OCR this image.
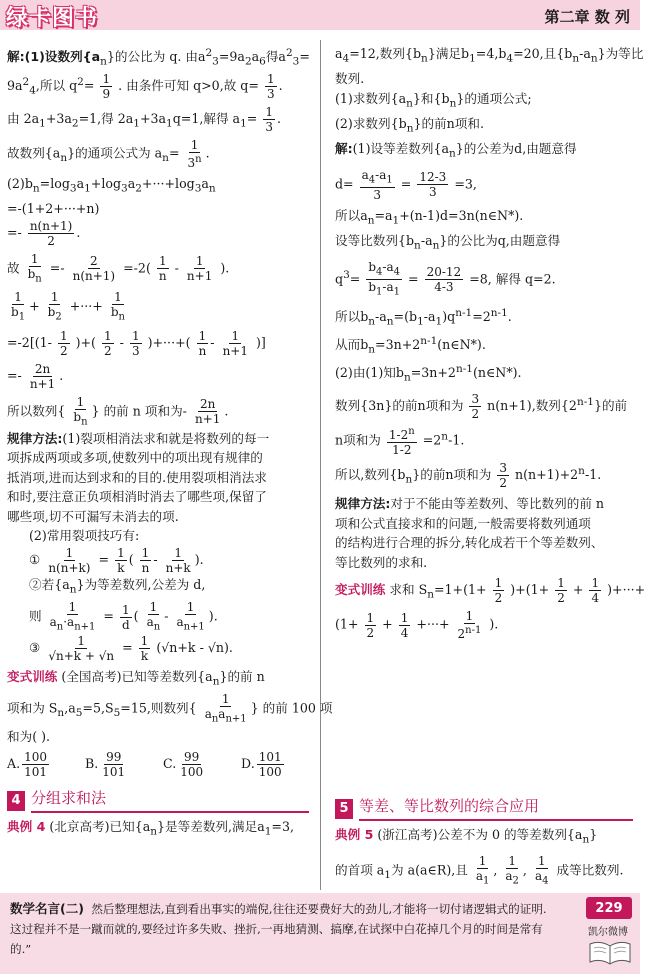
绿卡图书	第二章 数 列
解:(1)设数列$\{a_n\}$的公比为 q. 由$a^2_3=9a_2a_6$得$a^2_3=$
$9a^2_4$,所以 $q^2= \frac{1}{9}$ . 由条件可知 q>0,故 $q= \frac{1}{3}$ .
由 $2a_1+3a_2=1$,得 $2a_1+3a_1q=1$,解得 $a_1= \frac{1}{3}$ .
故数列$\{a_n\}$的通项公式为 $a_n= \frac{1}{3^n}$ .
$(2)b_n=\log_3a_1+\log_3a_2+\cdot\cdot\cdot+\log_3a_n$
=-(1+2+···+n)
=- $\frac{n(n+1)}{2}$ .
故 $\frac{1}{b_n} =- \frac{2}{n(n+1)} =-2( \frac{1}{n} - \frac{1}{n+1}$ ).
$\frac{1}{b_1} + \frac{1}{b_2}$ +···+ $\frac{1}{b_n}$
$=-2[(1- \frac{1}{2}$ )+( $\frac{1}{2} - \frac{1}{3}$ )+···+( $\frac{1}{n} - \frac{1}{n+1}$ )]
=- $\frac{2n}{n+1}$ .
所以数列{ $\frac{1}{b_n}$ } 的前 n 项和为- $\frac{2n}{n+1}$ .
规律方法:(1)裂项相消法求和就是将数列的每一
项拆成两项或多项,使数列中的项出现有规律的
抵消项,进而达到求和的目的.使用裂项相消法求
和时,要注意正负项相消时消去了哪些项,保留了
哪些项,切不可漏写未消去的项.
(2)常用裂项技巧有:
① $\frac{1}{n(n+k)} = \frac{1}{k}$ ( $\frac{1}{n} - \frac{1}{n+k}$ ).
②若$\{a_n\}$为等差数列,公差为 d,
则 $\frac{1}{a_n\cdot a_{n+1}} = \frac{1}{d}$ ( $\frac{1}{a_n} - \frac{1}{a_{n+1}}$ ).
③ $\frac{1}{√n+k + √n} = \frac{1}{k} (√n+k - √n)$.
变式训练 (全国高考)已知等差数列$\{a_n\}$的前 n
项和为 $S_n,a_5=5,S_5=15$,则数列{ $\frac{1}{a_na_{n+1}}$ } 的前 100 项
和为( ).
A. $\frac{100}{101}$	B. $\frac{99}{101}$	C. $\frac{99}{100}$	D. $\frac{101}{100}$
4 分组求和法
典例 4 (北京高考)已知$\{a_n\}$是等差数列,满足$a_1=3$,
$a_4=12$,数列$\{b_n\}$满足$b_1=4,b_4=20$,且$\{b_n-a_n\}$为等比
数列.
(1)求数列$\{a_n\}$和$\{b_n\}$的通项公式;
(2)求数列$\{b_n\}$的前n项和.
解:(1)设等差数列$\{a_n\}$的公差为d,由题意得
$d= \frac{a_4-a_1}{3} = \frac{12-3}{3} =3$,
所以$a_n=a_1+(n-1)d=3n(n\in N*)$.
设等比数列$\{b_n-a_n\}$的公比为q,由题意得
$q^3= \frac{b_4-a_4}{b_1-a_1} = \frac{20-12}{4-3} =8$, 解得 q=2.
所以$b_n-a_n=(b_1-a_1)q^{n-1}=2^{n-1}$.
从而$b_n=3n+2^{n-1}(n\in N*)$.
(2)由(1)知$b_n=3n+2^{n-1}(n\in N*)$.
数列{3n}的前n项和为 $\frac{3}{2} n(n+1)$,数列{2$^{n-1}$}的前
n项和为 $\frac{1-2^n}{1-2} =2^n-1$.
所以,数列$\{b_n\}$的前n项和为 $\frac{3}{2} n(n+1)+2^n-1$.
规律方法:对于不能由等差数列、等比数列的前 n
项和公式直接求和的问题,一般需要将数列通项
的结构进行合理的拆分,转化成若干个等差数列、
等比数列的求和.
变式训练 求和 $S_n=1+(1+ \frac{1}{2} )+(1+ \frac{1}{2} + \frac{1}{4}$ )+···+
($1+ \frac{1}{2} + \frac{1}{4}$ +···+ $\frac{1}{2^{n-1}}$ ).
5 等差、等比数列的综合应用
典例 5 (浙江高考)公差不为 0 的等差数列$\{a_n\}$
的首项 $a_1$为 a(a∈R),且 $\frac{1}{a_1}$ , $\frac{1}{a_2}$ , $\frac{1}{a_4}$ 成等比数列.
数学名言(二) 然后整理想法,直到看出事实的端倪,往往还要费好大的劲儿,才能将一切付诸逻辑式的证明.这过程并不是一蹴而就的,要经过许多失败、挫折,一再地猜测、搞摩,在试探中白花掉几个月的时间是常有的.”
229
凯尔微博
